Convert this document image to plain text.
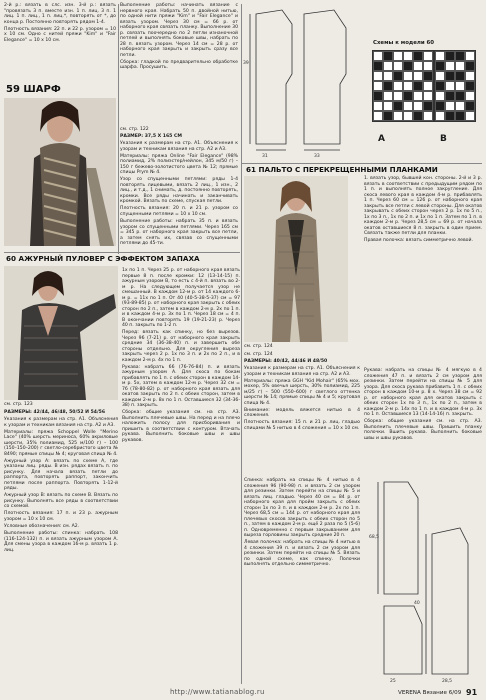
2-й р.: вязать в слс. изн. 3-й р.: вязать "провязать 3 п. вместе изн. 1 п. лиц. 3 п. 1 лиц. 1 п. лиц., 1 п. лиц.*, повторять от *, до конца р. Постоянно повторять рядом 1-4.

Плотность вязания: 22 п. и 22 р. узором = 10 x 10 см. Одно с нитей пряжи "Kim" и "Fair Elegance" = 10 x 10 см.

Выполнение работы: начинать вязание с нервного края. Набрать 50 п. двойной нитью, по одной нити пряжи "Kim" и "Fair Elegance" и вязать узором. Через 30 см = 66 р. от наборного края связать планку. Выполнение 30 р. связать поочередно по 2 петли изнаночной петлей и выполнять боковые швы, набрать по 28 п. вязать узором. Через 14 см = 28 р. от наборного края закрыть и закрыть сразу все петли.

Сборка: гладкой по предварительно обработке шарфа. Просушить.

59 ШАРФ

см. стр. 122

РАЗМЕР: 37,5 X 165 СМ

Указания к размерам на стр. А1. Объяснения к узорам и техникам вязания на стр. А2 и А3.

Материалы: пряжа Online "Fair Elegance" (98% полиамид, 2% полиэстер/нейлон, 345 м/50 г) – 150 г бежево-золотистого цвета № 12; прямые спицы Prym № 4.

Узор со спущенными петлями: ряды 1-4 повторять лицевыми, вязать 2 лиц., 1 изн., 2 лиц., и т.д., 1 снимать, д. постоянно повторять, кромки. Все ряды начинать и заканчивать кромкой. Вязать по схеме, спуская петли.

Плотность вязания: 20 п. и 21 р. узором со спущенными петлями = 10 x 10 см.

Выполнение работы: набрать 35 п. и вязать узором со спущенными петлями. Через 165 см = 345 р. от наборного края закрыть все петли, а затем снять их, связав со спущенными петлями до 45-ти.

39
31	33
Схемы к модели 60
A	B
61 ПАЛЬТО С ПЕРЕКРЕЩЕННЫМИ ПЛАНКАМИ
см. стр. 124

1. вязать узор, бывшей кон. стороны. 2-й и 3 р. вязать в соответствии с предыдущим рядом по 1 п. и выполнять полное закругление. Для скоса левого края в каждом 4-м р. прибавлять 1 п. Через 60 см = 126 р. от наборного края закрыть все петли с левой стороны. Для окатов закрывать с обеих сторон через 2 р. 1х по 5 п., 1х по 3 п., 1х по 2 п. и 1х по 1 п. Затем по 1 п. в каждом 2-м р. Через 28,5 см = 69 р. от начала окатов оставшиеся 8 п. закрыть в один прием. Связать также петли для планки.

Правая полочка: вязать симметрично левой.

Рукава: набрать на спицы № 4 мягкую в 4 сложения 47 п. и вязать 2 см узором для резинки. Затем перейти на спицы № 5 для узора. Для скоса рукава прибавить 1 п. с обеих сторон в каждом 10-м р. 8 х. Через 38 см = 92 р. от наборного края для окатов закрыть с обеих сторон 1х по 3 п., 1х по 2 п., затем в каждом 2-м р. 14х по 1 п. и в каждом 4-м р. 3х по 1 п. Оставшиеся 13 (14-14-16) п. закрыть.

Сборка: общие указания см. на стр. А3. Выполнить плечевые швы. Пришить планку полочки. Вшить рукава. Выполнить боковые швы и швы рукавов.

60 АЖУРНЫЙ ПУЛОВЕР С ЭФФЕКТОМ ЗАПАХА
см. стр. 123

РАЗМЕРЫ: 42/44, 46/48, 50/52 И 54/56

Указания к размерам на стр. А1. Объяснения к узорам и техникам вязания на стр. А2 и А3.

Материалы: пряжа Schoppel Wolle "Merino Lace" (40% шерсть мериноса, 60% акриловые шерсти, 35% полиамид, 525 м/100 г) – 100 (150–150–200) г светло-серебристого цвета № 8490; прямые спицы № 4; круговая спица № 4.

Ажурный узор А: вязать по схеме А, где указаны лиц. ряды. В изн. рядах вязать п. по рисунку. Для начала вязать петли до раппорта, повторять раппорт, закончить петлями после раппорта. Повторять 1-12-й ряды.

Ажурный узор В: вязать по схеме В. Вязать по рисунку. Выполнять все ряды в соответствии со схемой.

Плотность вязания: 17 п. и 23 р. ажурным узором = 10 x 10 см.

Условные обозначения: см. А2.

Выполнение работы: спинка: набрать 108 (116-124-132) п. и вязать ажурным узором А. Для смены узора в каждом 16-м р. вязать 1 р. лиц.

1х по 1 п. Через 25 р. от наборного края вязать первые 8 п. после кромки: 12 (13-14-15) п. ажурным узором В, то есть с 4-й п. вязать во 2-м р. На следующем получается узор не смешанный. В каждом 12-м р. от 14 каждого 6-м р. = 11х по 1 п. От 40 (40-5-38-5-37) см = 97 (93-89-85) р. от наборного края закрыть с обеих сторон по 2 п., затем в каждом 2-м р. 2х по 1 п. и в каждом 4-м р. 3х по 1 п. Через 18 см = 4 п. В окончании повторять 19 (19-21-23) р. Через 40 п. закрыть по 1-2 п.

Перед: вязать как спинку, но без вырезов. Через 96 (7-21) р. от наборного края закрыть средние 34 (36-38-40) п. и завершить обе стороны отдельно. Для округления выреза закрыть через 2 р. 1х по 3 п. и 2х по 2 п., и в каждом 2-м р. 4х по 1 п.

Рукава: набрать 66 (76-76-84) п. и вязать ажурным узором А. Для скоса по бокам прибавлять по 1 п. с обеих сторон в каждом 14-м р. 5х, затем в каждом 12-м р. Через 32 см = 76 (78-80-82) р. от наборного края вязать для окатов закрыть по 2 п. с обеих сторон, затем в каждом 2-м р. 8х по 1 п. Оставшиеся 32 (34-36-38) п. закрыть.

Сборка: общие указания см. на стр. А3. Выполнить плечевые швы. На перед и на плечо наложить полосу для присборивания и пришить в соответствии с контуром. Втачать рукава. Выполнить боковые швы и швы рукавов.

см. стр. 124

РАЗМЕРЫ: 40/42, 44/46 И 48/50

Указания к размерам на стр. А1. Объяснения к узорам и техникам вязания на стр. А2 и А3.

Материалы: пряжа GGH "Kid Mohair" (65% мох. мохер, 5% овечья шерсть, 30% полиамид, 225 м/25 г) – 500 (550–600) г светлого оттенка шерсти № 14; прямые спицы № 4 и 5; круговая спица № 4.

Внимание: модель вяжется нитью в 4 сложения.

Плотность вязания: 15 п. и 21 р. лиц. гладью спицами № 5 нитью в 4 сложения = 10 x 10 см.

Спинка: набрать на спицы № 4 нитью в 4 сложения 96 (90-98) п. и вязать 2 см узором для резинки. Затем перейти на спицы № 5 и вязать лиц. гладью. Через 40 см = 84 р. от наборного края для пройм закрыть с обеих сторон 1х по 3 п. и в каждом 2-м р. 2х по 1 п. Через 68,5 см = 144 р. от наборного края для плечевых скосов закрыть с обеих сторон по 5 п., затем в каждом 2-м р. ещё 2 раза по 5 (5-6) п. Одновременно с первым закрыванием для выреза горловины закрыть средние 20 п.

Левая полочка: набрать на спицы № 4 нитью в 4 сложения 39 п. и вязать 2 см узором для резинки. Затем перейти на спицы № 5. Вязать по одной схеме, как спинку. Полочки выполнять отдельно симметрично.

68,5
40
25	28,5
http://www.tatianablog.ru	VERENA Вязание 6/09 91
